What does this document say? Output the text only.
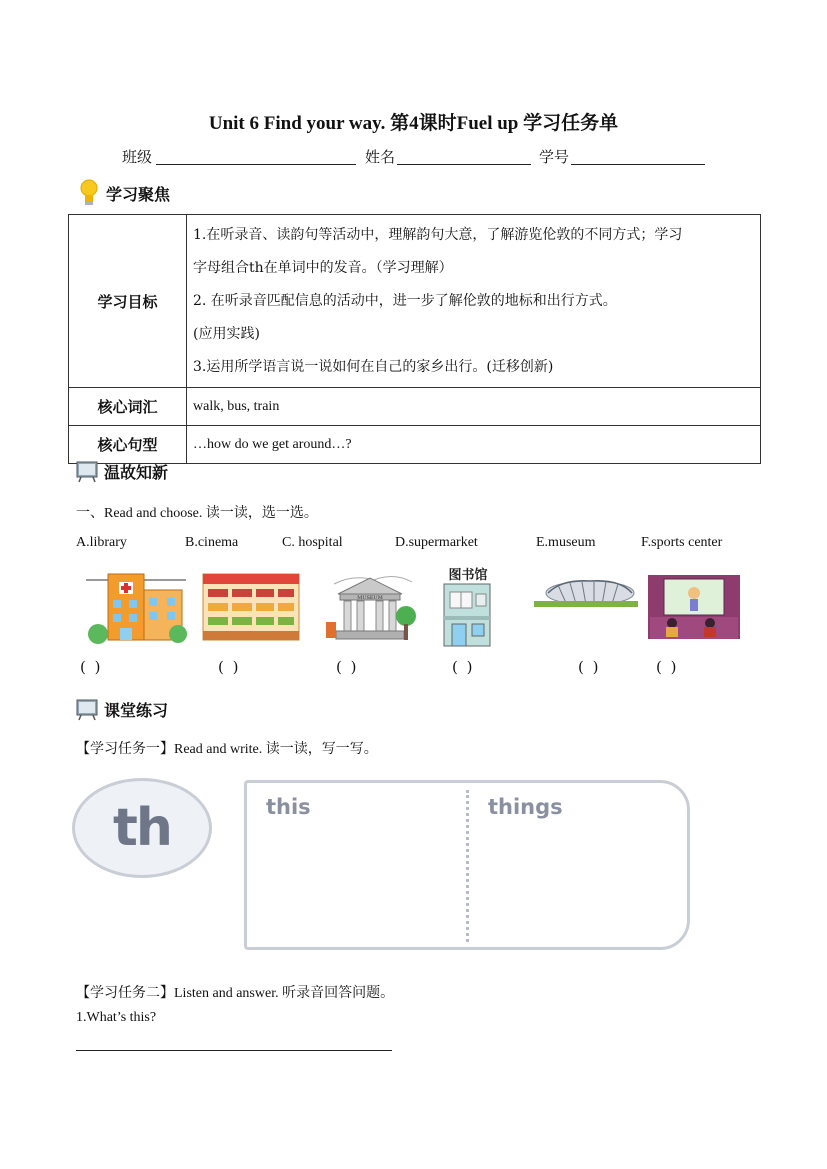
Unit 6 Find your way. 第4课时Fuel up 学习任务单
班级	姓名	学号
学习聚焦
学习目标	1.在听录音、读韵句等活动中，理解韵句大意，了解游览伦敦的不同方式；学习
字母组合th在单词中的发音。（学习理解）
2. 在听录音匹配信息的活动中，进一步了解伦敦的地标和出行方式。
(应用实践)
3.运用所学语言说一说如何在自己的家乡出行。(迁移创新)

核心词汇	walk, bus, train
核心句型	…how do we get around…?
温故知新
一、Read and choose. 读一读，选一选。
A.library	B.cinema	C. hospital	D.supermarket	E.museum	F.sports center
MUSEUM
图书馆
( )	( )	( )	( )	( )	( )
课堂练习
【学习任务一】Read and write. 读一读，写一写。
th	this	things
【学习任务二】Listen and answer. 听录音回答问题。
1.What’s this?
